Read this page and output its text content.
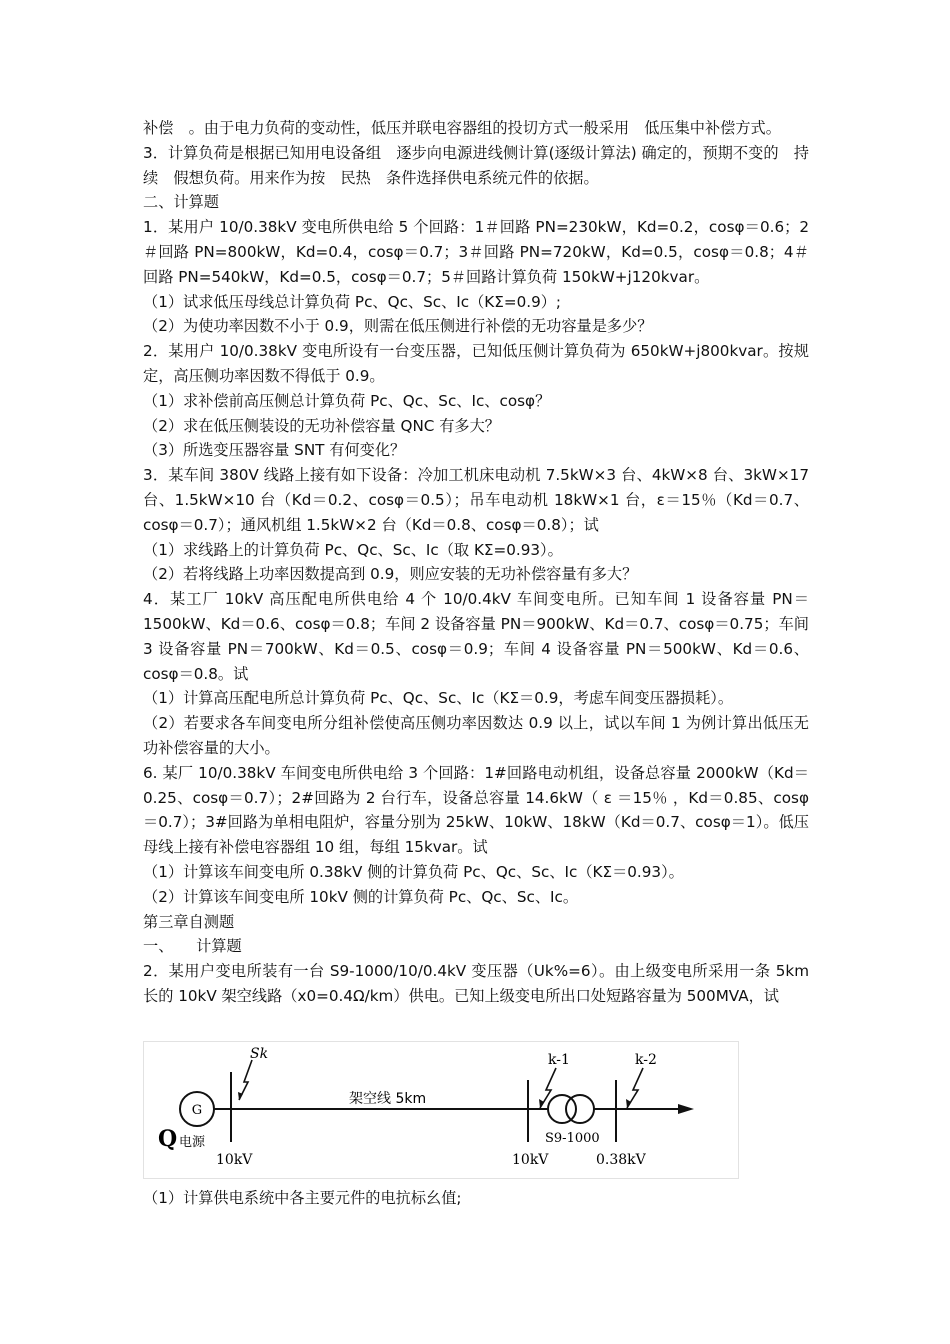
补偿　。由于电力负荷的变动性，低压并联电容器组的投切方式一般采用　低压集中补偿方式。

3．计算负荷是根据已知用电设备组　逐步向电源进线侧计算(逐级计算法) 确定的，预期不变的　持续　假想负荷。用来作为按　民热　条件选择供电系统元件的依据。

二、计算题

1．某用户 10/0.38kV 变电所供电给 5 个回路：1＃回路 PN=230kW，Kd=0.2，cosφ＝0.6；2＃回路 PN=800kW，Kd=0.4，cosφ＝0.7；3＃回路 PN=720kW，Kd=0.5，cosφ＝0.8；4＃回路 PN=540kW，Kd=0.5，cosφ＝0.7；5＃回路计算负荷 150kW+j120kvar。

（1）试求低压母线总计算负荷 Pc、Qc、Sc、Ic（KΣ=0.9）;

（2）为使功率因数不小于 0.9，则需在低压侧进行补偿的无功容量是多少？

2．某用户 10/0.38kV 变电所设有一台变压器，已知低压侧计算负荷为 650kW+j800kvar。按规定，高压侧功率因数不得低于 0.9。

（1）求补偿前高压侧总计算负荷 Pc、Qc、Sc、Ic、cosφ？

（2）求在低压侧装设的无功补偿容量 QNC 有多大？

（3）所选变压器容量 SNT 有何变化？

3．某车间 380V 线路上接有如下设备：冷加工机床电动机 7.5kW×3 台、4kW×8 台、3kW×17 台、1.5kW×10 台（Kd＝0.2、cosφ＝0.5）；吊车电动机 18kW×1 台，ε＝15％（Kd＝0.7、cosφ＝0.7）；通风机组 1.5kW×2 台（Kd＝0.8、cosφ＝0.8）；试

（1）求线路上的计算负荷 Pc、Qc、Sc、Ic（取 KΣ=0.93）。

（2）若将线路上功率因数提高到 0.9，则应安装的无功补偿容量有多大？

4．某工厂 10kV 高压配电所供电给 4 个 10/0.4kV 车间变电所。已知车间 1 设备容量 PN＝1500kW、Kd＝0.6、cosφ＝0.8；车间 2 设备容量 PN＝900kW、Kd＝0.7、cosφ＝0.75；车间 3 设备容量 PN＝700kW、Kd＝0.5、cosφ＝0.9；车间 4 设备容量 PN＝500kW、Kd＝0.6、cosφ＝0.8。试

（1）计算高压配电所总计算负荷 Pc、Qc、Sc、Ic（KΣ＝0.9，考虑车间变压器损耗）。

（2）若要求各车间变电所分组补偿使高压侧功率因数达 0.9 以上，试以车间 1 为例计算出低压无功补偿容量的大小。

6. 某厂 10/0.38kV 车间变电所供电给 3 个回路：1#回路电动机组，设备总容量 2000kW（Kd＝0.25、cosφ＝0.7）；2#回路为 2 台行车，设备总容量 14.6kW（ ε ＝15％ ，Kd＝0.85、cosφ＝0.7）；3#回路为单相电阻炉，容量分别为 25kW、10kW、18kW（Kd＝0.7、cosφ＝1）。低压母线上接有补偿电容器组 10 组，每组 15kvar。试

（1）计算该车间变电所 0.38kV 侧的计算负荷 Pc、Qc、Sc、Ic（KΣ＝0.93）。

（2）计算该车间变电所 10kV 侧的计算负荷 Pc、Qc、Sc、Ic。

第三章自测题

一、　　计算题

2．某用户变电所装有一台 S9-1000/10/0.4kV 变压器（Uk%=6）。由上级变电所采用一条 5km 长的 10kV 架空线路（x0=0.4Ω/km）供电。已知上级变电所出口处短路容量为 500MVA，试

G
Q 电源
Sk
架空线 5km
k-1
S9-1000
k-2
10kV	10kV	0.38kV
（1）计算供电系统中各主要元件的电抗标幺值;
